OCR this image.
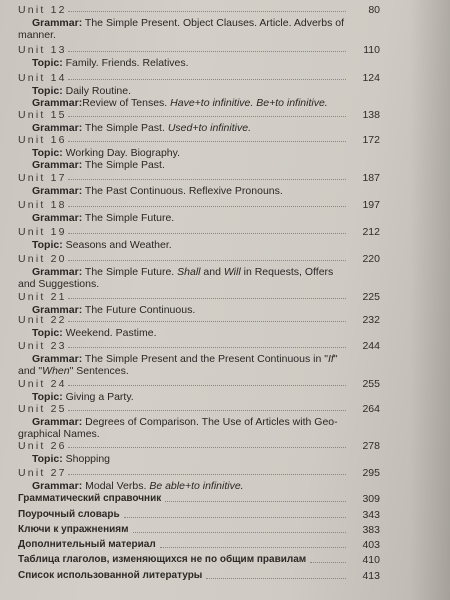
Unit 12	80
Grammar: The Simple Present. Object Clauses. Article. Adverbs of
manner.
Unit 13	110
Topic: Family. Friends. Relatives.
Unit 14	124
Topic: Daily Routine.
Grammar:Review of Tenses. Have+to infinitive. Be+to infinitive.
Unit 15	138
Grammar: The Simple Past. Used+to infinitive.
Unit 16	172
Topic: Working Day. Biography.
Grammar: The Simple Past.
Unit 17	187
Grammar: The Past Continuous. Reflexive Pronouns.
Unit 18	197
Grammar: The Simple Future.
Unit 19	212
Topic: Seasons and Weather.
Unit 20	220
Grammar: The Simple Future. Shall and Will in Requests, Offers
and Suggestions.
Unit 21	225
Grammar: The Future Continuous.
Unit 22	232
Topic: Weekend. Pastime.
Unit 23	244
Grammar: The Simple Present and the Present Continuous in "If"
and "When" Sentences.
Unit 24	255
Topic: Giving a Party.
Unit 25	264
Grammar: Degrees of Comparison. The Use of Articles with Geo-
graphical Names.
Unit 26	278
Topic: Shopping
Unit 27	295
Grammar: Modal Verbs. Be able+to infinitive.
Грамматический справочник	309
Поурочный словарь	343
Ключи к упражнениям	383
Дополнительный материал	403
Таблица глаголов, изменяющихся не по общим правилам	410
Список использованной литературы	413
